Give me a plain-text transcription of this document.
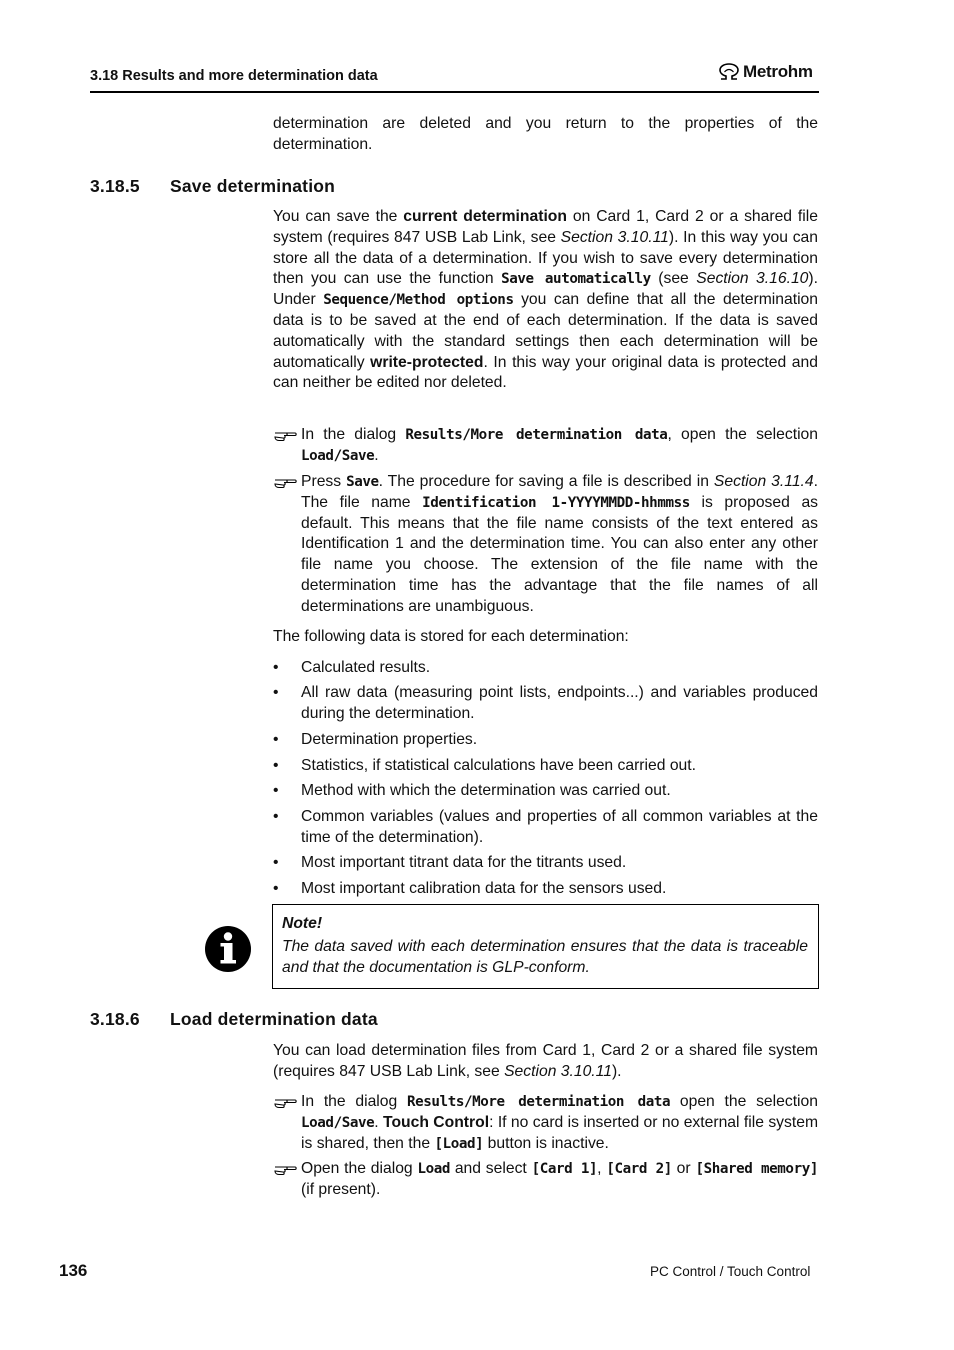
3.18 Results and more determination data	Metrohm
determination are deleted and you return to the properties of the determination.
3.18.5 Save determination
You can save the current determination on Card 1, Card 2 or a shared file system (requires 847 USB Lab Link, see Section 3.10.11). In this way you can store all the data of a determination. If you wish to save every determination then you can use the function Save automatically (see Section 3.16.10). Under Sequence/Method options you can define that all the determination data is to be saved at the end of each determination. If the data is saved automatically with the standard settings then each determination will be automatically write-protected. In this way your original data is protected and can neither be edited nor deleted.
In the dialog Results/More determination data, open the selection Load/Save.
Press Save. The procedure for saving a file is described in Section 3.11.4. The file name Identification 1-YYYYMMDD-hhmmss is proposed as default. This means that the file name consists of the text entered as Identification 1 and the determination time. You can also enter any other file name you choose. The extension of the file name with the determination time has the advantage that the file names of all determinations are unambiguous.
The following data is stored for each determination:
• Calculated results.
• All raw data (measuring point lists, endpoints...) and variables produced during the determination.
• Determination properties.
• Statistics, if statistical calculations have been carried out.
• Method with which the determination was carried out.
• Common variables (values and properties of all common variables at the time of the determination).
• Most important titrant data for the titrants used.
• Most important calibration data for the sensors used.
Note!
The data saved with each determination ensures that the data is traceable and that the documentation is GLP-conform.
3.18.6 Load determination data
You can load determination files from Card 1, Card 2 or a shared file system (requires 847 USB Lab Link, see Section 3.10.11).
In the dialog Results/More determination data open the selection Load/Save. Touch Control: If no card is inserted or no external file system is shared, then the [Load] button is inactive.
Open the dialog Load and select [Card 1], [Card 2] or [Shared memory] (if present).
136	PC Control / Touch Control
